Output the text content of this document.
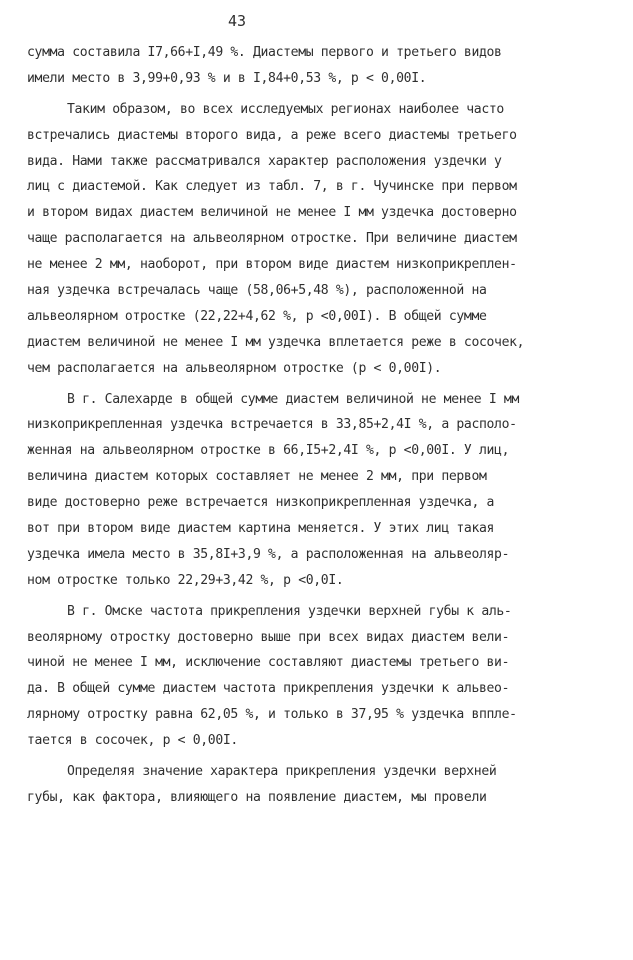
43
сумма составила I7,66+I,49 %. Диастемы первого и третьего видов
имели место в 3,99+0,93 % и в I,84+0,53 %, p < 0,00I.
Таким образом, во всех исследуемых регионах наиболее часто
встречались диастемы второго вида, а реже всего диастемы третьего
вида. Нами также рассматривался характер расположения уздечки у
лиц с диастемой. Как следует из табл. 7, в г. Чучинске при первом
и втором видах диастем величиной не менее I мм уздечка достоверно
чаще располагается на альвеолярном отростке. При величине диастем
не менее 2 мм, наоборот, при втором виде диастем низкоприкреплен-
ная уздечка встречалась чаще (58,06+5,48 %), расположенной на
альвеолярном отростке (22,22+4,62 %, p <0,00I). В общей сумме
диастем величиной не менее I мм уздечка вплетается реже в сосочек,
чем располагается на альвеолярном отростке (p < 0,00I).
В г. Салехарде в общей сумме диастем величиной не менее I мм
низкоприкрепленная уздечка встречается в 33,85+2,4I %, а располо-
женная на альвеолярном отростке в 66,I5+2,4I %, p <0,00I. У лиц,
величина диастем которых составляет не менее 2 мм, при первом
виде достоверно реже встречается низкоприкрепленная уздечка, а
вот при втором виде диастем картина меняется. У этих лиц такая
уздечка имела место в 35,8I+3,9 %, а расположенная на альвеоляр-
ном отростке только 22,29+3,42 %, p <0,0I.
В г. Омске частота прикрепления уздечки верхней губы к аль-
веолярному отростку достоверно выше при всех видах диастем вели-
чиной не менее I мм, исключение составляют диастемы третьего ви-
да. В общей сумме диастем частота прикрепления уздечки к альвео-
лярному отростку равна 62,05 %, и только в 37,95 % уздечка вппле-
тается в сосочек, p < 0,00I.
Определяя значение характера прикрепления уздечки верхней
губы, как фактора, влияющего на появление диастем, мы провели
